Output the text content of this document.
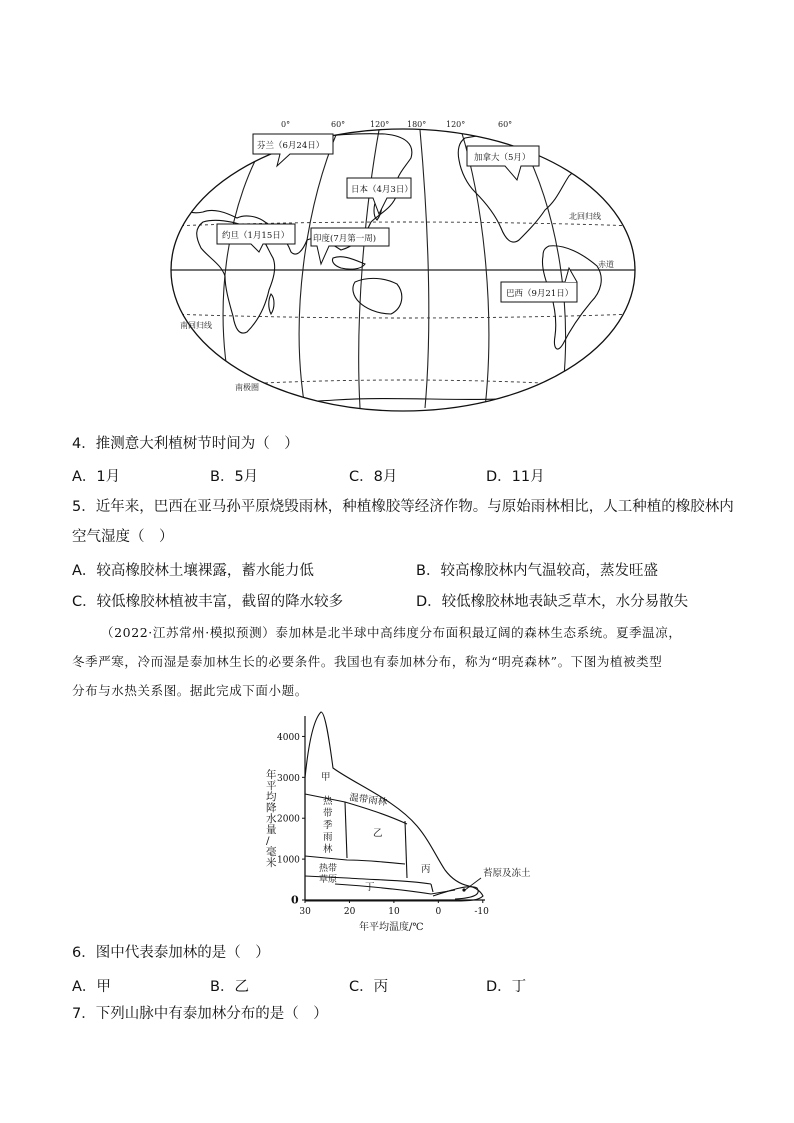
0°	60°	120° 180° 120°	60°
北回归线
赤道
南回归线
南极圈
芬兰（6月24日）
加拿大（5月）
日本（4月3日）
约旦（1月15日）	印度(7月第一周)
巴西（9月21日）
4．推测意大利植树节时间为（　）
A．1月	B．5月	C．8月	D．11月
5．近年来，巴西在亚马孙平原烧毁雨林，种植橡胶等经济作物。与原始雨林相比，人工种植的橡胶林内
空气湿度（　）
A．较高橡胶林土壤裸露，蓄水能力低	B．较高橡胶林内气温较高，蒸发旺盛
C．较低橡胶林植被丰富，截留的降水较多	D．较低橡胶林地表缺乏草木，水分易散失
（2022·江苏常州·模拟预测）泰加林是北半球中高纬度分布面积最辽阔的森林生态系统。夏季温凉，
冬季严寒，冷而湿是泰加林生长的必要条件。我国也有泰加林分布，称为“明亮森林”。下图为植被类型
分布与水热关系图。据此完成下面小题。
年平均降水量/毫米
4000
3000
2000
1000
0
30	20	10	0	-10
甲
温带雨林
乙
丙
丁
苔原及冻土
热带季雨林
热带草原
年平均温度/℃
6．图中代表泰加林的是（　）
A．甲	B．乙	C．丙	D．丁
7．下列山脉中有泰加林分布的是（　）
